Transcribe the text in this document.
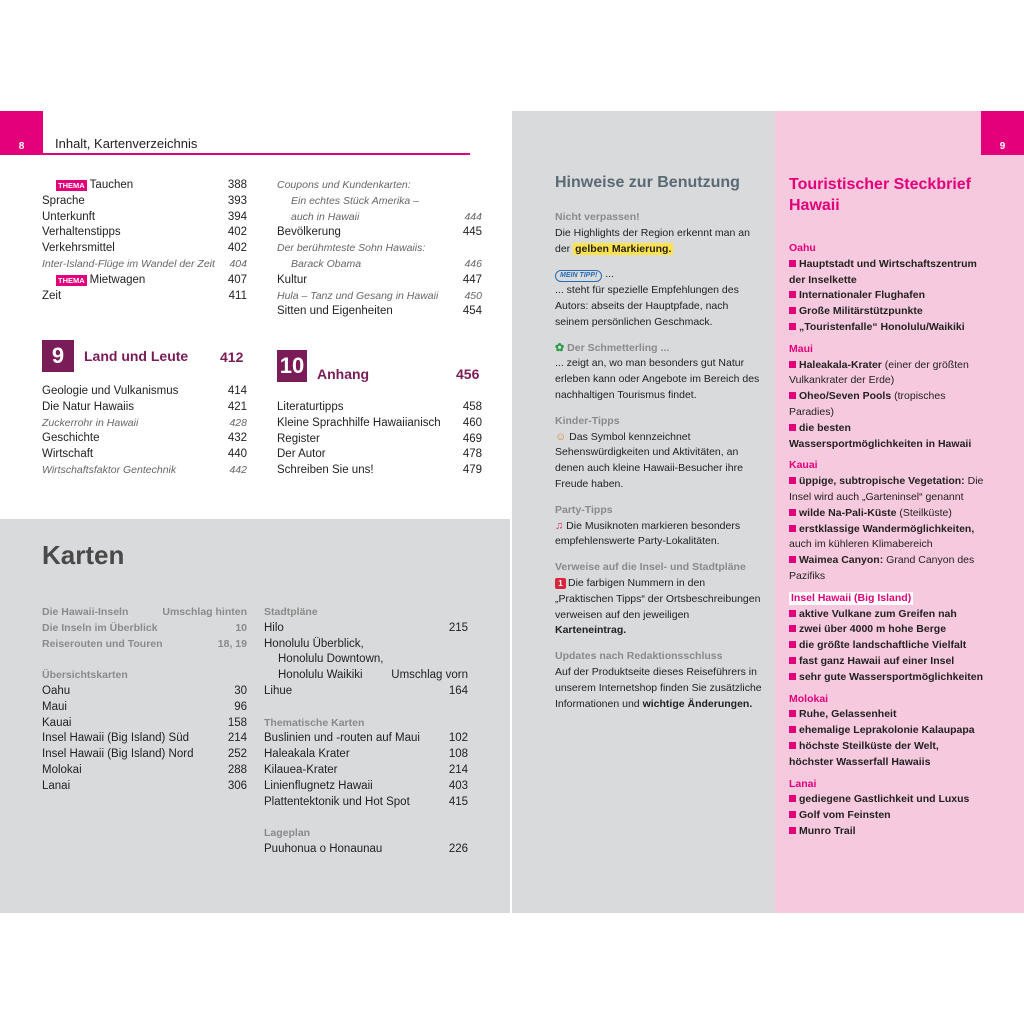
8 Inhalt, Kartenverzeichnis
THEMA Tauchen	388
Sprache	393
Unterkunft	394
Verhaltenstipps	402
Verkehrsmittel	402
Inter-Island-Flüge im Wandel der Zeit 404
THEMA Mietwagen	407
Zeit	411
Coupons und Kundenkarten:
Ein echtes Stück Amerika –
auch in Hawaii	444
Bevölkerung	445
Der berühmteste Sohn Hawaiis:
Barack Obama	446
Kultur	447
Hula – Tanz und Gesang in Hawaii 450
Sitten und Eigenheiten	454
9	Land und Leute 412
Geologie und Vulkanismus	414
Die Natur Hawaiis	421
Zuckerrohr in Hawaii	428
Geschichte	432
Wirtschaft	440
Wirtschaftsfaktor Gentechnik	442
10 Anhang	456
Literaturtipps	458
Kleine Sprachhilfe Hawaiianisch 460
Register	469
Der Autor	478
Schreiben Sie uns!	479
Karten
Die Hawaii-Inseln	Umschlag hinten
Die Inseln im Überblick	10
Reiserouten und Touren	18, 19
Übersichtskarten
Oahu	30
Maui	96
Kauai	158
Insel Hawaii (Big Island) Süd	214
Insel Hawaii (Big Island) Nord	252
Molokai	288
Lanai	306
Stadtpläne
Hilo	215
Honolulu Überblick,
Honolulu Downtown,
Honolulu Waikiki Umschlag vorn
Lihue	164
Thematische Karten
Buslinien und -routen auf Maui	102
Haleakala Krater	108
Kilauea-Krater	214
Linienflugnetz Hawaii	403
Plattentektonik und Hot Spot	415
Lageplan
Puuhonua o Honaunau	226
9
Hinweise zur Benutzung
Nicht verpassen!

Die Highlights der Region erkennt man an der gelben Markierung.

MEIN TIPP! ...

... steht für spezielle Empfehlungen des Autors: abseits der Hauptpfade, nach seinem persönlichen Geschmack.

✿ Der Schmetterling ...

... zeigt an, wo man besonders gut Natur erleben kann oder Angebote im Bereich des nachhaltigen Tourismus findet.

Kinder-Tipps

☺ Das Symbol kennzeichnet Sehenswürdigkeiten und Aktivitäten, an denen auch kleine Hawaii-Besucher ihre Freude haben.

Party-Tipps

♫ Die Musiknoten markieren besonders empfehlenswerte Party-Lokalitäten.

Verweise auf die Insel- und Stadtpläne

1 Die farbigen Nummern in den „Praktischen Tipps“ der Ortsbeschreibungen verweisen auf den jeweiligen Karteneintrag.

Updates nach Redaktionsschluss

Auf der Produktseite dieses Reiseführers in unserem Internetshop finden Sie zusätzliche Informationen und wichtige Änderungen.

Touristischer Steckbrief Hawaii
Oahu
Hauptstadt und Wirtschaftszentrum der Inselkette
Internationaler Flughafen
Große Militärstützpunkte
„Touristenfalle“ Honolulu/Waikiki
Maui
Haleakala-Krater (einer der größten Vulkankrater der Erde)
Oheo/Seven Pools (tropisches Paradies)
die besten Wassersportmöglichkeiten in Hawaii
Kauai
üppige, subtropische Vegetation: Die Insel wird auch „Garteninsel“ genannt
wilde Na-Pali-Küste (Steilküste)
erstklassige Wandermöglichkeiten, auch im kühleren Klimabereich
Waimea Canyon: Grand Canyon des Pazifiks
Insel Hawaii (Big Island)
aktive Vulkane zum Greifen nah
zwei über 4000 m hohe Berge
die größte landschaftliche Vielfalt
fast ganz Hawaii auf einer Insel
sehr gute Wassersportmöglichkeiten
Molokai
Ruhe, Gelassenheit
ehemalige Leprakolonie Kalaupapa
höchste Steilküste der Welt, höchster Wasserfall Hawaiis
Lanai
gediegene Gastlichkeit und Luxus
Golf vom Feinsten
Munro Trail
